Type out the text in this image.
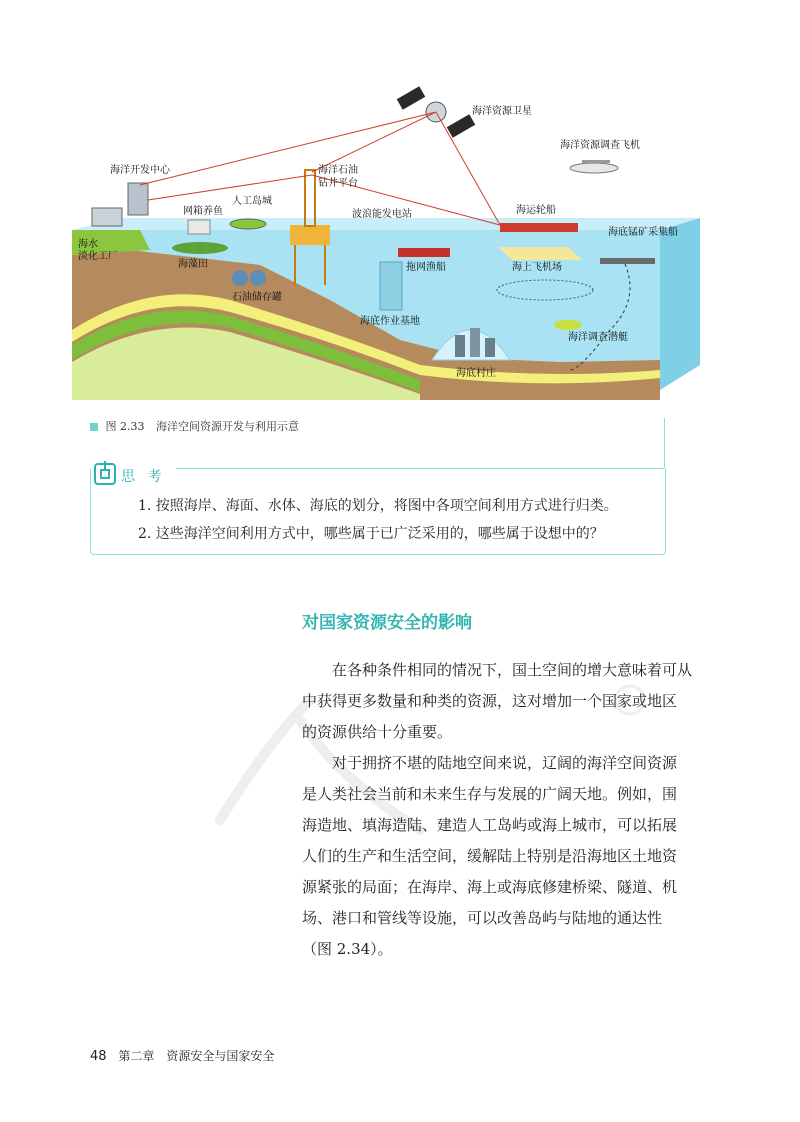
海洋资源卫星
海洋资源调查飞机
海洋开发中心	海洋石油
钻井平台
网箱养鱼
人工岛城
波浪能发电站	海运轮船
海底锰矿采集船
海水
淡化工厂
海藻田	拖网渔船	海上飞机场
石油储存罐
海底作业基地
海洋调查潜艇
海底村庄
图 2.33 海洋空间资源开发与利用示意
思 考
1. 按照海岸、海面、水体、海底的划分，将图中各项空间利用方式进行归类。
2. 这些海洋空间利用方式中，哪些属于已广泛采用的，哪些属于设想中的？
对国家资源安全的影响
　　在各种条件相同的情况下，国土空间的增大意味着可从
中获得更多数量和种类的资源，这对增加一个国家或地区
的资源供给十分重要。
　　对于拥挤不堪的陆地空间来说，辽阔的海洋空间资源
是人类社会当前和未来生存与发展的广阔天地。例如，围
海造地、填海造陆、建造人工岛屿或海上城市，可以拓展
人们的生产和生活空间，缓解陆上特别是沿海地区土地资
源紧张的局面；在海岸、海上或海底修建桥梁、隧道、机
场、港口和管线等设施，可以改善岛屿与陆地的通达性
（图 2.34）。
48 第二章　资源安全与国家安全
